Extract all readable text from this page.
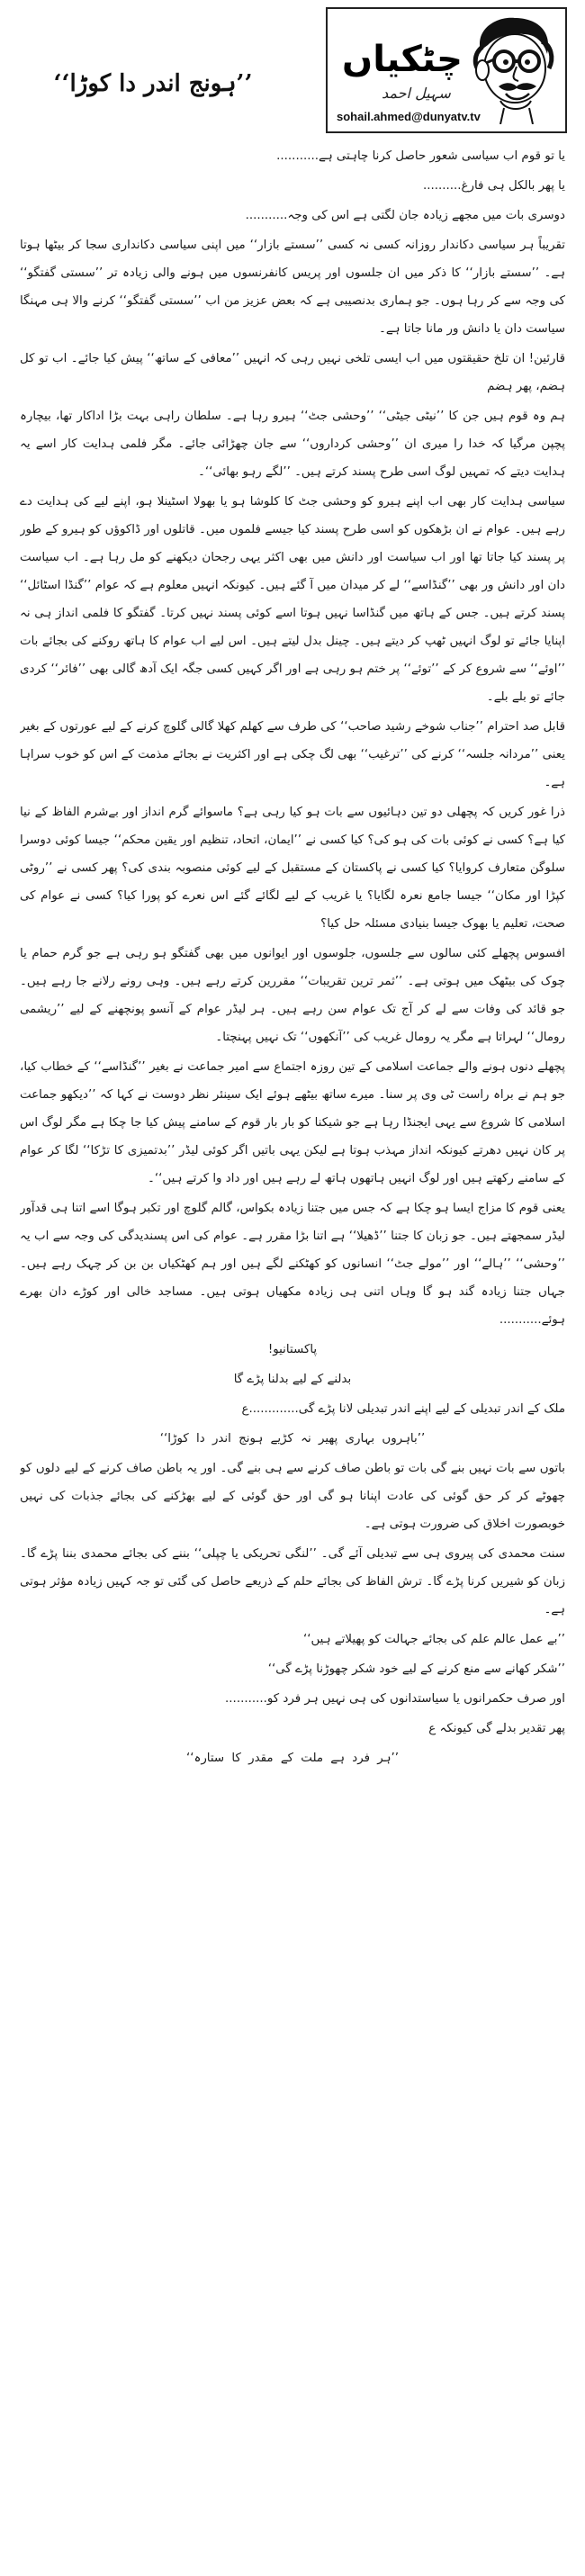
’’ہونج اندر دا کوڑا‘‘
چٹکیاں
سہیل احمد
sohail.ahmed@dunyatv.tv

یا تو قوم اب سیاسی شعور حاصل کرنا چاہتی ہے...........

یا پھر بالکل ہی فارغ..........

دوسری بات میں مجھے زیادہ جان لگتی ہے اس کی وجہ...........

تقریباً ہر سیاسی دکاندار روزانہ کسی نہ کسی ’’سستے بازار‘‘ میں اپنی سیاسی دکانداری سجا کر بیٹھا ہوتا ہے۔ ’’سستے بازار‘‘ کا ذکر میں ان جلسوں اور پریس کانفرنسوں میں ہونے والی زیادہ تر ’’سستی گفتگو‘‘ کی وجہ سے کر رہا ہوں۔ جو ہماری بدنصیبی ہے کہ بعض عزیز من اب ’’سستی گفتگو‘‘ کرنے والا ہی مہنگا سیاست دان یا دانش ور مانا جاتا ہے۔

قارئین! ان تلخ حقیقتوں میں اب ایسی تلخی نہیں رہی کہ انہیں ’’معافی کے ساتھ‘‘ پیش کیا جائے۔ اب تو کل ہضم، پھر ہضم

ہم وہ قوم ہیں جن کا ’’نیٹی جیٹی‘‘ ’’وحشی جٹ‘‘ ہیرو رہا ہے۔ سلطان راہی بہت بڑا اداکار تھا، بیچارہ پچپن مرگیا کہ خدا را میری ان ’’وحشی کرداروں‘‘ سے جان چھڑائی جائے۔ مگر فلمی ہدایت کار اسے یہ ہدایت دیتے کہ تمہیں لوگ اسی طرح پسند کرتے ہیں۔ ’’لگے رہو بھائی‘‘۔

سیاسی ہدایت کار بھی اب اپنے ہیرو کو وحشی جٹ کا کلوشا ہو یا بھولا اسٹینلا ہو، اپنے لیے کی ہدایت دے رہے ہیں۔ عوام نے ان بڑھکوں کو اسی طرح پسند کیا جیسے فلموں میں۔ قاتلوں اور ڈاکوؤں کو ہیرو کے طور پر پسند کیا جاتا تھا اور اب سیاست اور دانش میں بھی اکثر یہی رجحان دیکھنے کو مل رہا ہے۔ اب سیاست دان اور دانش ور بھی ’’گنڈاسے‘‘ لے کر میدان میں آ گئے ہیں۔ کیونکہ انہیں معلوم ہے کہ عوام ’’گنڈا اسٹائل‘‘ پسند کرتے ہیں۔ جس کے ہاتھ میں گنڈاسا نہیں ہوتا اسے کوئی پسند نہیں کرتا۔ گفتگو کا فلمی انداز ہی نہ اپنایا جائے تو لوگ انہیں ٹھپ کر دیتے ہیں۔ چینل بدل لیتے ہیں۔ اس لیے اب عوام کا ہاتھ روکنے کی بجائے بات ’’اوئے‘‘ سے شروع کر کے ’’توئے‘‘ پر ختم ہو رہی ہے اور اگر کہیں کسی جگہ ایک آدھ گالی بھی ’’فائر‘‘ کردی جائے تو بلے بلے۔

قابل صد احترام ’’جناب شوخے رشید صاحب‘‘ کی طرف سے کھلم کھلا گالی گلوچ کرنے کے لیے عورتوں کے بغیر یعنی ’’مردانہ جلسہ‘‘ کرنے کی ’’ترغیب‘‘ بھی لگ چکی ہے اور اکثریت نے بجائے مذمت کے اس کو خوب سراہا ہے۔

ذرا غور کریں کہ پچھلی دو تین دہائیوں سے بات ہو کیا رہی ہے؟ ماسوائے گرم انداز اور بےشرم الفاظ کے نیا کیا ہے؟ کسی نے کوئی بات کی ہو کی؟ کیا کسی نے ’’ایمان، اتحاد، تنظیم اور یقین محکم‘‘ جیسا کوئی دوسرا سلوگن متعارف کروایا؟ کیا کسی نے پاکستان کے مستقبل کے لیے کوئی منصوبہ بندی کی؟ پھر کسی نے ’’روٹی کپڑا اور مکان‘‘ جیسا جامع نعرہ لگایا؟ یا غریب کے لیے لگائے گئے اس نعرے کو پورا کیا؟ کسی نے عوام کی صحت، تعلیم یا بھوک جیسا بنیادی مسئلہ حل کیا؟

افسوس پچھلے کئی سالوں سے جلسوں، جلوسوں اور ایوانوں میں بھی گفتگو ہو رہی ہے جو گرم حمام یا چوک کی بیٹھک میں ہوتی ہے۔ ’’ثمر ترین تقریبات‘‘ مقررین کرتے رہے ہیں۔ وہی رونے رلانے جا رہے ہیں۔ جو قائد کی وفات سے لے کر آج تک عوام سن رہے ہیں۔ ہر لیڈر عوام کے آنسو پونچھنے کے لیے ’’ریشمی رومال‘‘ لہراتا ہے مگر یہ رومال غریب کی ’’آنکھوں‘‘ تک نہیں پہنچتا۔

پچھلے دنوں ہونے والے جماعت اسلامی کے تین روزہ اجتماع سے امیر جماعت نے بغیر ’’گنڈاسے‘‘ کے خطاب کیا، جو ہم نے براہ راست ٹی وی پر سنا۔ میرے ساتھ بیٹھے ہوئے ایک سینئر نظر دوست نے کہا کہ ’’دیکھو جماعت اسلامی کا شروع سے یہی ایجنڈا رہا ہے جو شیکنا کو بار بار قوم کے سامنے پیش کیا جا چکا ہے مگر لوگ اس پر کان نہیں دھرتے کیونکہ انداز مہذب ہوتا ہے لیکن یہی باتیں اگر کوئی لیڈر ’’بدتمیزی کا تڑکا‘‘ لگا کر عوام کے سامنے رکھتے ہیں اور لوگ انہیں ہاتھوں ہاتھ لے رہے ہیں اور داد وا کرتے ہیں‘‘۔

یعنی قوم کا مزاج ایسا ہو چکا ہے کہ جس میں جتنا زیادہ بکواس، گالم گلوچ اور تکبر ہوگا اسے اتنا ہی قدآور لیڈر سمجھتے ہیں۔ جو زبان کا جتنا ’’ڈھیلا‘‘ ہے اتنا بڑا مقرر ہے۔ عوام کی اس پسندیدگی کی وجہ سے اب یہ ’’وحشی‘‘ ’’ہالے‘‘ اور ’’مولے جٹ‘‘ انسانوں کو کھٹکنے لگے ہیں اور ہم کھٹکیاں بن بن کر چہک رہے ہیں۔ جہاں جتنا زیادہ گند ہو گا وہاں اتنی ہی زیادہ مکھیاں ہوتی ہیں۔ مساجد خالی اور کوڑے دان بھرے ہوئے...........

پاکستانیو!

بدلنے کے لیے بدلنا پڑے گا

ملک کے اندر تبدیلی کے لیے اپنے اندر تبدیلی لانا پڑے گی.............ع

’’باہروں بہاری پھیر نہ کڑیے ہونج اندر دا کوڑا‘‘

باتوں سے بات نہیں بنے گی بات تو باطن صاف کرنے سے ہی بنے گی۔ اور یہ باطن صاف کرنے کے لیے دلوں کو چھوٹے کر کر حق گوئی کی عادت اپنانا ہو گی اور حق گوئی کے لیے بھڑکنے کی بجائے جذبات کی نہیں خوبصورت اخلاق کی ضرورت ہوتی ہے۔

سنت محمدی کی پیروی ہی سے تبدیلی آئے گی۔ ’’لنگی تحریکی یا چپلی‘‘ بننے کی بجائے محمدی بننا پڑے گا۔ زبان کو شیریں کرنا پڑے گا۔ ترش الفاظ کی بجائے حلم کے ذریعے حاصل کی گئی تو جہ کہیں زیادہ مؤثر ہوتی ہے۔

’’بے عمل عالم علم کی بجائے جہالت کو پھیلاتے ہیں‘‘

’’شکر کھانے سے منع کرنے کے لیے خود شکر چھوڑنا پڑے گی‘‘

اور صرف حکمرانوں یا سیاستدانوں کی ہی نہیں ہر فرد کو...........

پھر تقدیر بدلے گی کیونکہ ع

’’ہر فرد ہے ملت کے مقدر کا ستارہ‘‘
